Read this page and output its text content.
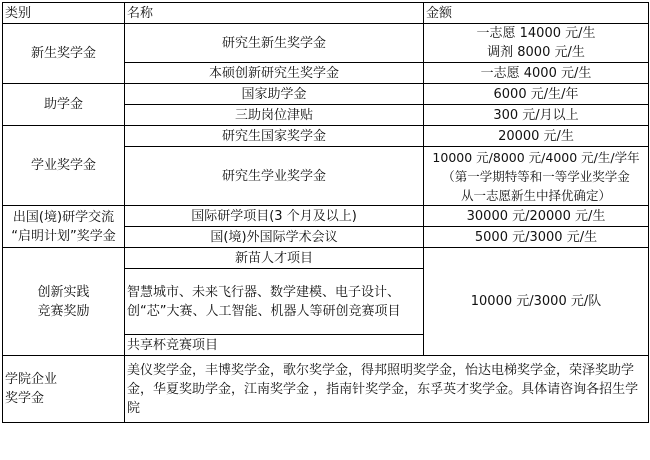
类别	名称	金额
新生奖学金	研究生新生奖学金	一志愿 14000 元/生
调剂 8000 元/生

	本硕创新研究生奖学金	一志愿 4000 元/生
助学金	国家助学金	6000 元/生/年
	三助岗位津贴	300 元/月以上
学业奖学金	研究生国家奖学金	20000 元/生
	研究生学业奖学金	10000 元/8000 元/4000 元/生/学年
（第一学期特等和一等学业奖学金
从一志愿新生中择优确定）

出国(境)研学交流
“启明计划”奖学金	国际研学项目(3 个月及以上)	30000 元/20000 元/生
	国(境)外国际学术会议	5000 元/3000 元/生

创新实践
竞赛奖励	新苗人才项目	10000 元/3000 元/队
	智慧城市、未来飞行器、数学建模、电子设计、创“芯”大赛、人工智能、机器人等研创竞赛项目	
	共享杯竞赛项目	

学院企业
奖学金	美仪奖学金，丰博奖学金，歌尔奖学金，得邦照明奖学金，怡达电梯奖学金，荣泽奖助学金，华夏奖助学金，江南奖学金 ，指南针奖学金，东孚英才奖学金。具体请咨询各招生学院	
